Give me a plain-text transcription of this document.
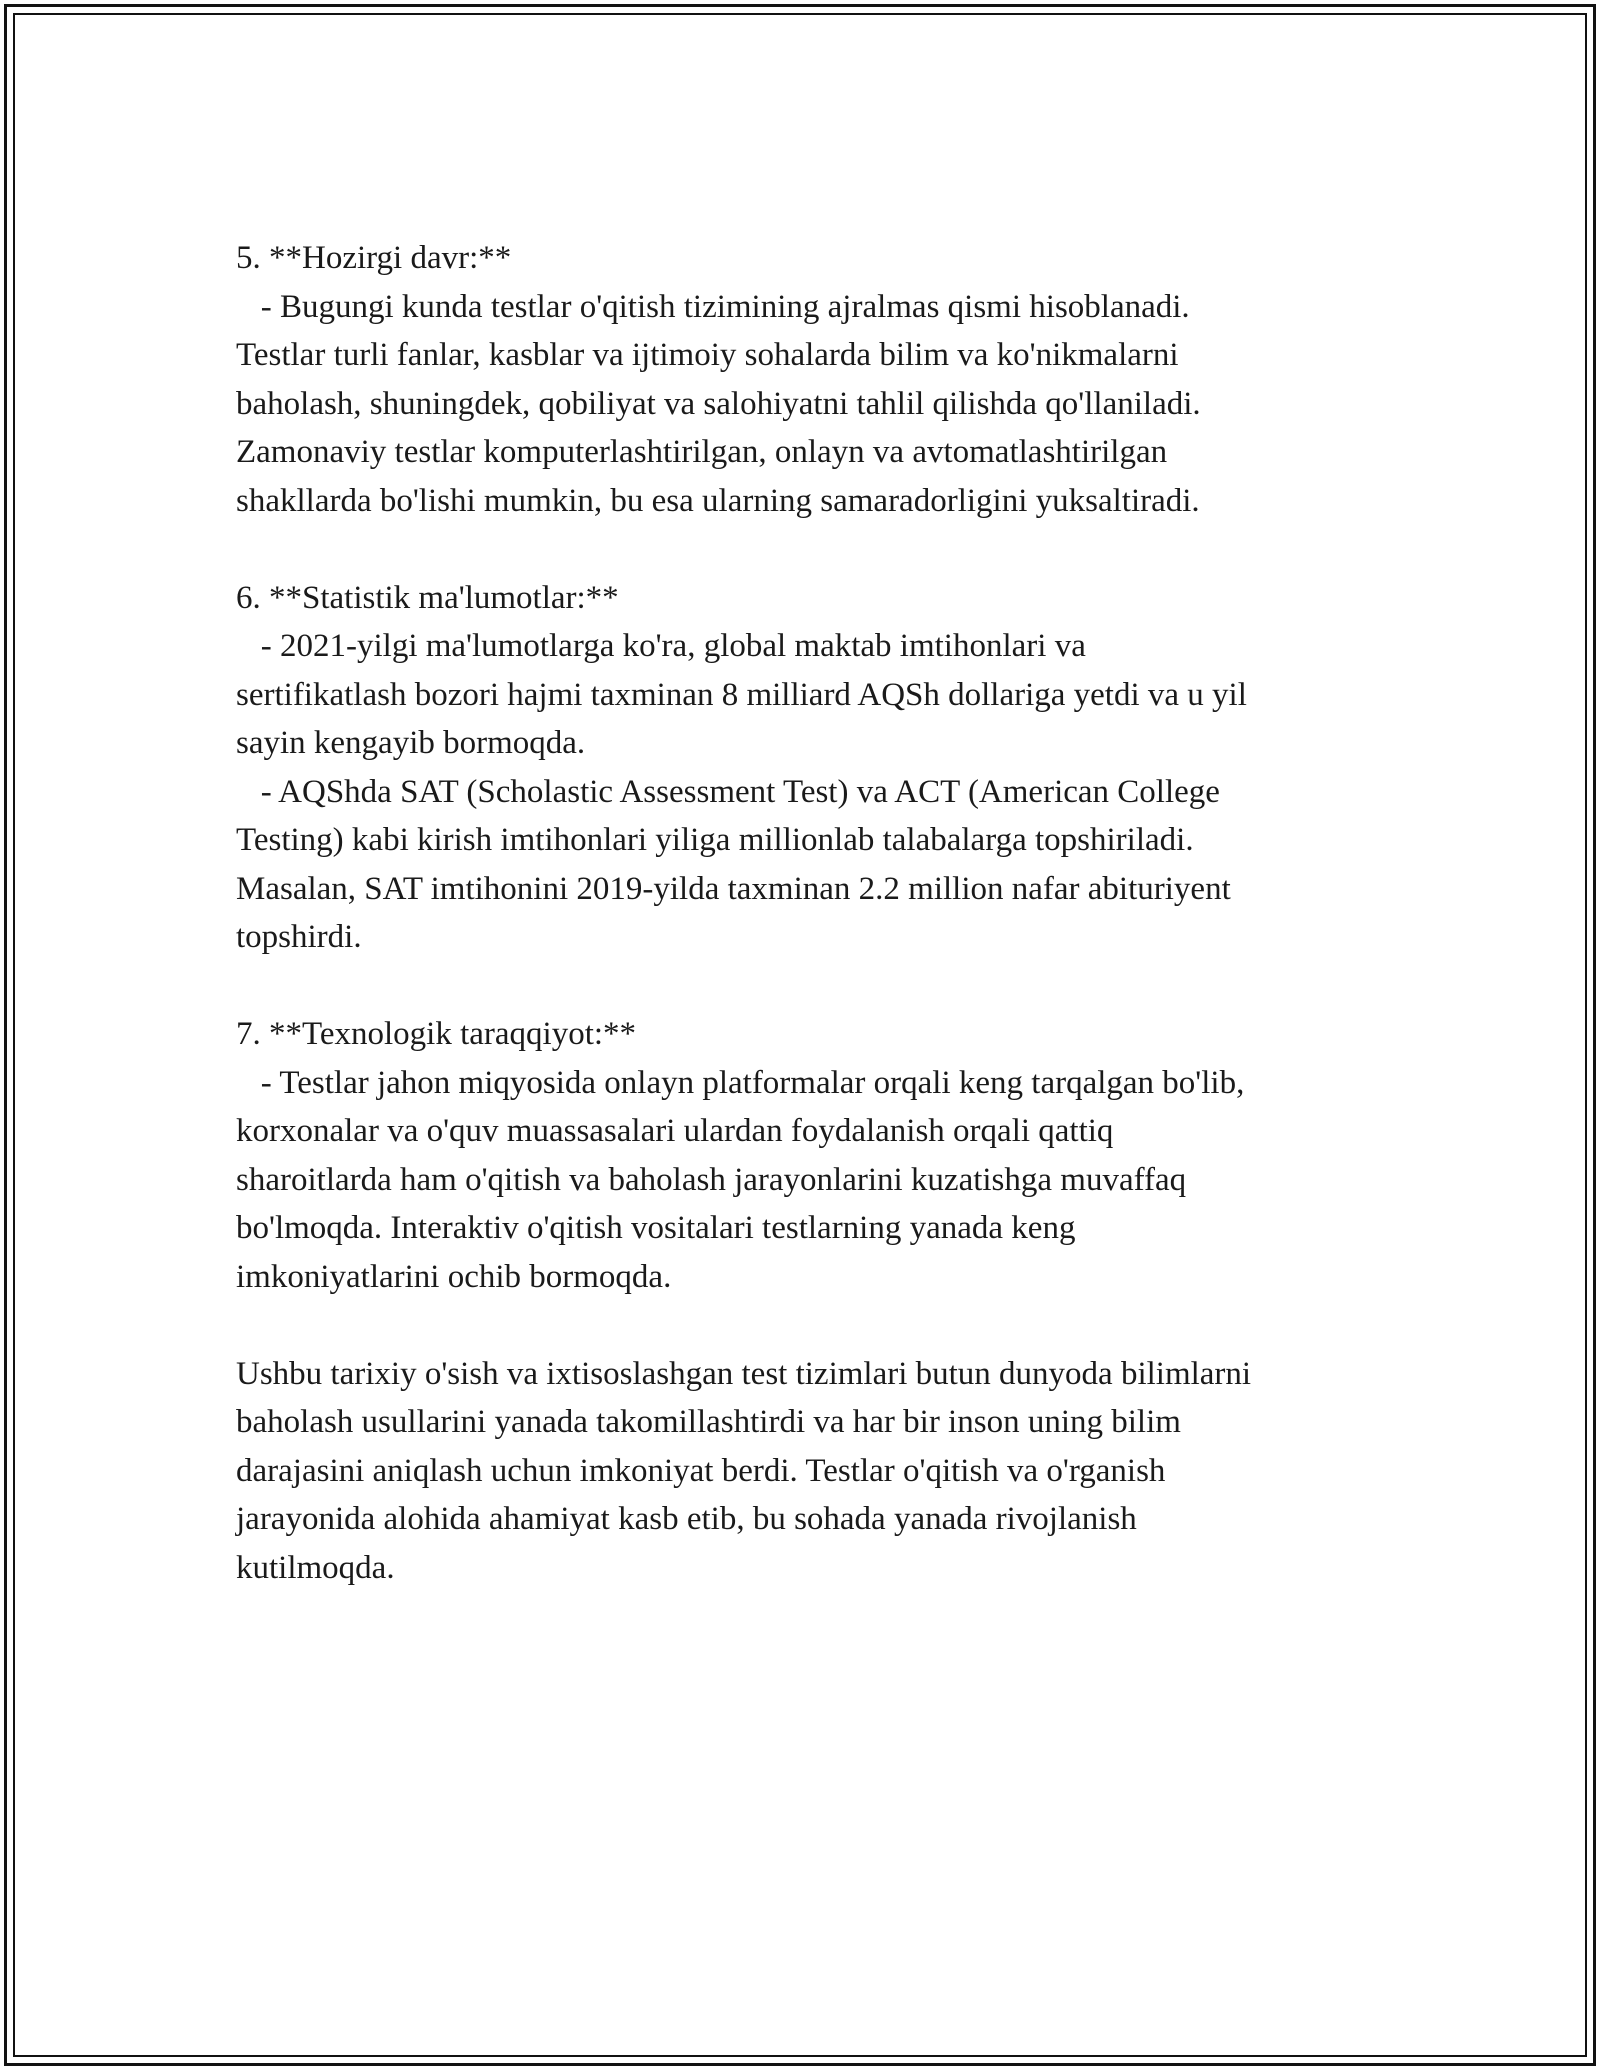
5. **Hozirgi davr:**

- Bugungi kunda testlar o'qitish tizimining ajralmas qismi hisoblanadi.
Testlar turli fanlar, kasblar va ijtimoiy sohalarda bilim va ko'nikmalarni
baholash, shuningdek, qobiliyat va salohiyatni tahlil qilishda qo'llaniladi.
Zamonaviy testlar komputerlashtirilgan, onlayn va avtomatlashtirilgan
shakllarda bo'lishi mumkin, bu esa ularning samaradorligini yuksaltiradi.

6. **Statistik ma'lumotlar:**

- 2021-yilgi ma'lumotlarga ko'ra, global maktab imtihonlari va
sertifikatlash bozori hajmi taxminan 8 milliard AQSh dollariga yetdi va u yil
sayin kengayib bormoqda.

- AQShda SAT (Scholastic Assessment Test) va ACT (American College
Testing) kabi kirish imtihonlari yiliga millionlab talabalarga topshiriladi.
Masalan, SAT imtihonini 2019-yilda taxminan 2.2 million nafar abituriyent
topshirdi.

7. **Texnologik taraqqiyot:**

- Testlar jahon miqyosida onlayn platformalar orqali keng tarqalgan bo'lib,
korxonalar va o'quv muassasalari ulardan foydalanish orqali qattiq
sharoitlarda ham o'qitish va baholash jarayonlarini kuzatishga muvaffaq
bo'lmoqda. Interaktiv o'qitish vositalari testlarning yanada keng
imkoniyatlarini ochib bormoqda.

Ushbu tarixiy o'sish va ixtisoslashgan test tizimlari butun dunyoda bilimlarni
baholash usullarini yanada takomillashtirdi va har bir inson uning bilim
darajasini aniqlash uchun imkoniyat berdi. Testlar o'qitish va o'rganish
jarayonida alohida ahamiyat kasb etib, bu sohada yanada rivojlanish
kutilmoqda.
